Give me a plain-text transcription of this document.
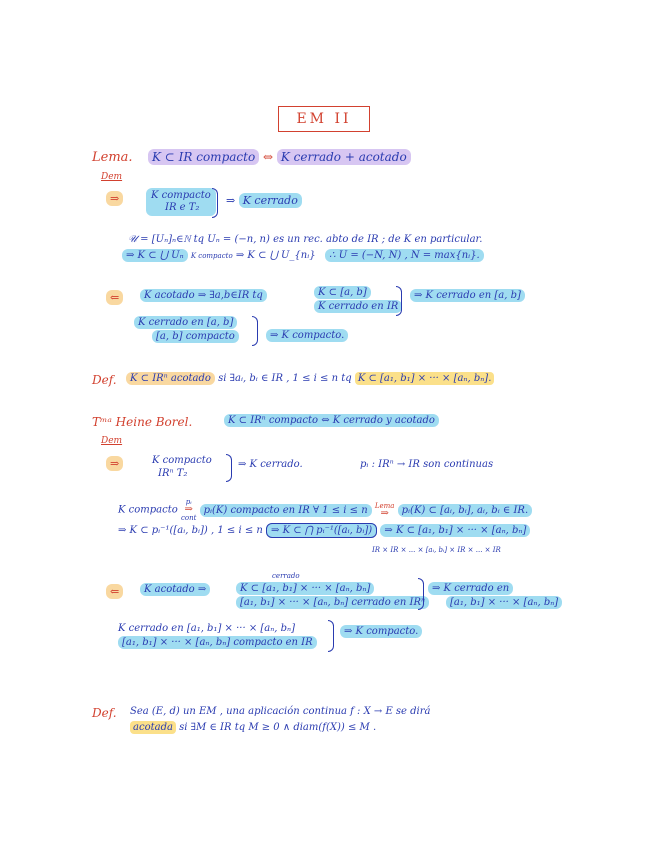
EM II
Lema.	K ⊂ IR compacto ⇔ K cerrado + acotado
Dem
⇒	K compacto
IR e T₂
⇒ K cerrado
𝒰 = [Uₙ]ₙ∈ℕ tq Uₙ = (−n, n) es un rec. abto de IR ; de K en particular.
⇒ K ⊂ ⋃ Uₙ K compacto ⇒ K ⊂ ⋃ U_{nᵢ} ∴ U = (−N, N) , N = max{nᵢ}.
⇐	K acotado ⇒ ∃a,b∈IR tq	K ⊂ [a, b]
K cerrado en IR
⇒ K cerrado en [a, b]
K cerrado en [a, b]
[a, b] compacto	⇒ K compacto.
Def.	K ⊂ IRⁿ acotado si ∃aᵢ, bᵢ ∈ IR , 1 ≤ i ≤ n tq K ⊂ [a₁, b₁] × ··· × [aₙ, bₙ].
Tᵐᵃ Heine Borel.	K ⊂ IRⁿ compacto ⇔ K cerrado y acotado
Dem
⇒	K compacto
IRⁿ T₂
⇒ K cerrado.	pᵢ : IRⁿ → IR son continuas
K compacto
pᵢ
⇒
cont
pᵢ(K) compacto en IR ∀ 1 ≤ i ≤ n Lema
⇒	pᵢ(K) ⊂ [aᵢ, bᵢ], aᵢ, bᵢ ∈ IR.
⇒ K ⊂ pᵢ⁻¹([aᵢ, bᵢ]) , 1 ≤ i ≤ n ⇒ K ⊂ ⋂ pᵢ⁻¹([aᵢ, bᵢ]) ⇒ K ⊂ [a₁, b₁] × ··· × [aₙ, bₙ]
IR × IR × ... × [aᵢ, bᵢ] × IR × ... × IR
⇐	K acotado ⇒
cerrado
K ⊂ [a₁, b₁] × ··· × [aₙ, bₙ]
[a₁, b₁] × ··· × [aₙ, bₙ] cerrado en IRⁿ
⇒ K cerrado en
[a₁, b₁] × ··· × [aₙ, bₙ]
K cerrado en [a₁, b₁] × ··· × [aₙ, bₙ]
[a₁, b₁] × ··· × [aₙ, bₙ] compacto en IR
⇒ K compacto.
Def. Sea (E, d) un EM , una aplicación continua f : X → E se dirá
acotada si ∃M ∈ IR tq M ≥ 0 ∧ diam(f(X)) ≤ M .
